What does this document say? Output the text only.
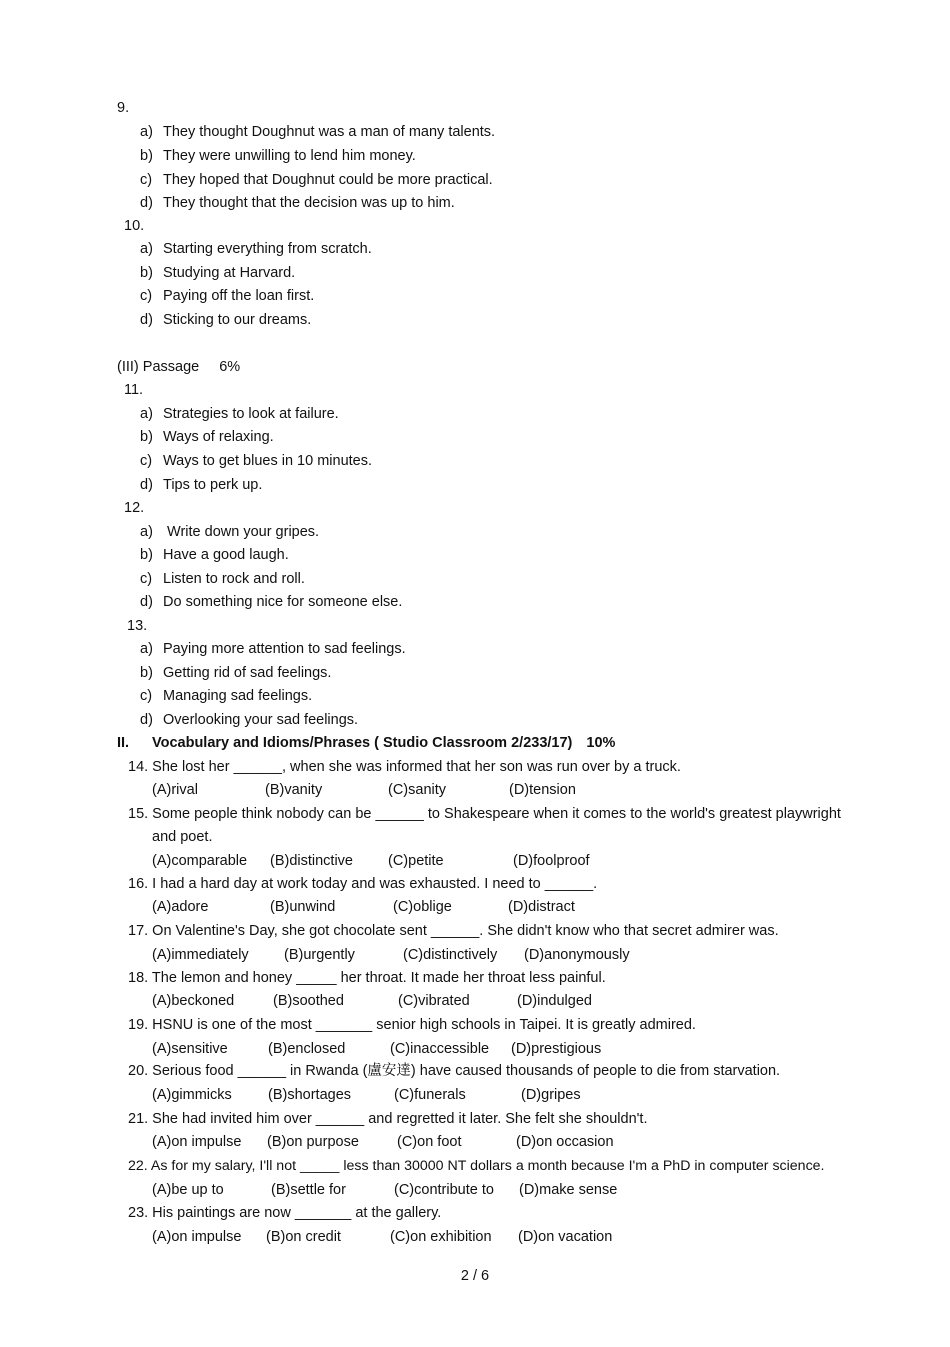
9.
a) They thought Doughnut was a man of many talents.
b) They were unwilling to lend him money.
c) They hoped that Doughnut could be more practical.
d) They thought that the decision was up to him.
10.
a) Starting everything from scratch.
b) Studying at Harvard.
c) Paying off the loan first.
d) Sticking to our dreams.
(III) Passage 6%
11.
a) Strategies to look at failure.
b) Ways of relaxing.
c) Ways to get blues in 10 minutes.
d) Tips to perk up.
12.
a) Write down your gripes.
b) Have a good laugh.
c) Listen to rock and roll.
d) Do something nice for someone else.
13.
a) Paying more attention to sad feelings.
b) Getting rid of sad feelings.
c) Managing sad feelings.
d) Overlooking your sad feelings.
II. Vocabulary and Idioms/Phrases ( Studio Classroom 2/233/17) 10%
14. She lost her ______, when she was informed that her son was run over by a truck.
(A)rival	(B)vanity	(C)sanity	(D)tension
15. Some people think nobody can be ______ to Shakespeare when it comes to the world's greatest playwright
and poet.
(A)comparable (B)distinctive (C)petite	(D)foolproof
16. I had a hard day at work today and was exhausted. I need to ______.
(A)adore	(B)unwind	(C)oblige	(D)distract
17. On Valentine's Day, she got chocolate sent ______. She didn't know who that secret admirer was.
(A)immediately (B)urgently	(C)distinctively (D)anonymously
18. The lemon and honey _____ her throat. It made her throat less painful.
(A)beckoned	(B)soothed	(C)vibrated	(D)indulged
19. HSNU is one of the most _______ senior high schools in Taipei. It is greatly admired.
(A)sensitive	(B)enclosed	(C)inaccessible (D)prestigious
20. Serious food ______ in Rwanda (盧安達) have caused thousands of people to die from starvation.
(A)gimmicks	(B)shortages	(C)funerals	(D)gripes
21. She had invited him over ______ and regretted it later. She felt she shouldn't.
(A)on impulse (B)on purpose	(C)on foot	(D)on occasion
22. As for my salary, I'll not _____ less than 30000 NT dollars a month because I'm a PhD in computer science.
(A)be up to	(B)settle for	(C)contribute to (D)make sense
23. His paintings are now _______ at the gallery.
(A)on impulse (B)on credit	(C)on exhibition (D)on vacation
2 / 6
